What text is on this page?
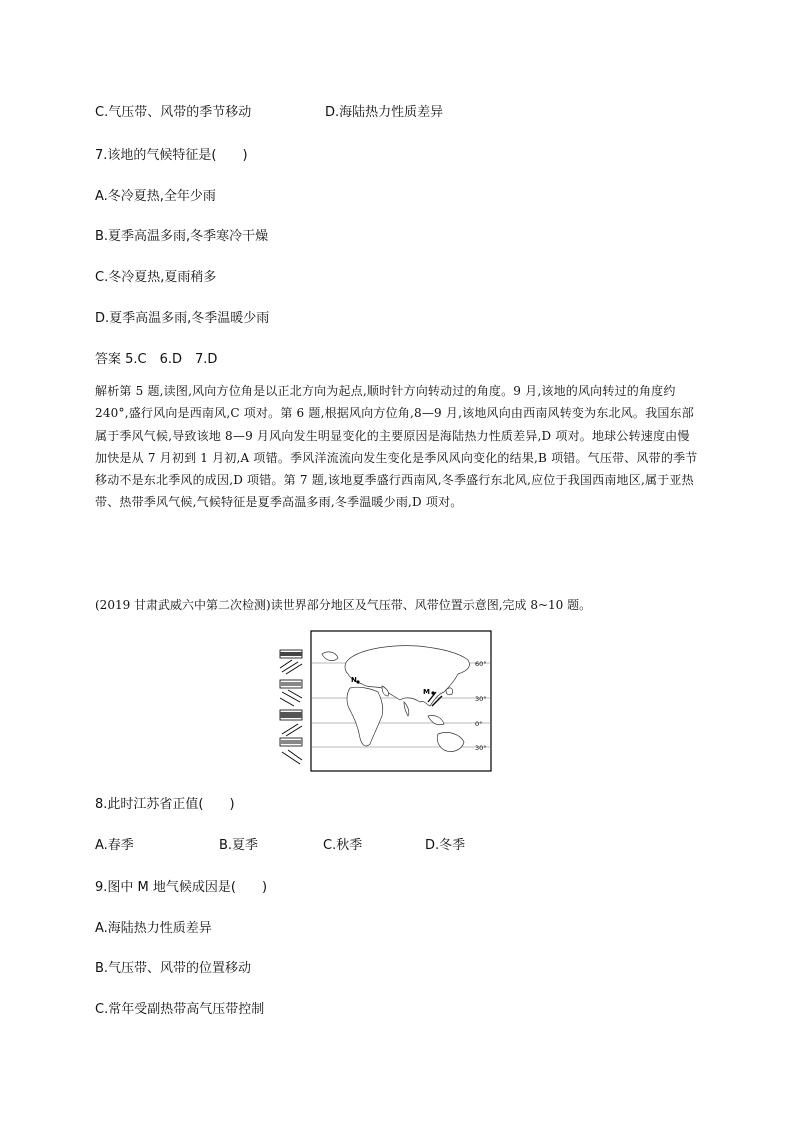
C.气压带、风带的季节移动	D.海陆热力性质差异
7.该地的气候特征是(　　)
A.冬冷夏热,全年少雨
B.夏季高温多雨,冬季寒冷干燥
C.冬冷夏热,夏雨稍多
D.夏季高温多雨,冬季温暖少雨
答案 5.C　6.D　7.D
解析第 5 题,读图,风向方位角是以正北方向为起点,顺时针方向转动过的角度。9 月,该地的风向转过的角度约 240°,盛行风向是西南风,C 项对。第 6 题,根据风向方位角,8—9 月,该地风向由西南风转变为东北风。我国东部属于季风气候,导致该地 8—9 月风向发生明显变化的主要原因是海陆热力性质差异,D 项对。地球公转速度由慢加快是从 7 月初到 1 月初,A 项错。季风洋流流向发生变化是季风风向变化的结果,B 项错。气压带、风带的季节移动不是东北季风的成因,D 项错。第 7 题,该地夏季盛行西南风,冬季盛行东北风,应位于我国西南地区,属于亚热带、热带季风气候,气候特征是夏季高温多雨,冬季温暖少雨,D 项对。
(2019 甘肃武威六中第二次检测)读世界部分地区及气压带、风带位置示意图,完成 8~10 题。
N
M
60°
30°
0°
30°
8.此时江苏省正值(　　)
A.春季	B.夏季	C.秋季	D.冬季
9.图中 M 地气候成因是(　　)
A.海陆热力性质差异
B.气压带、风带的位置移动
C.常年受副热带高气压带控制
